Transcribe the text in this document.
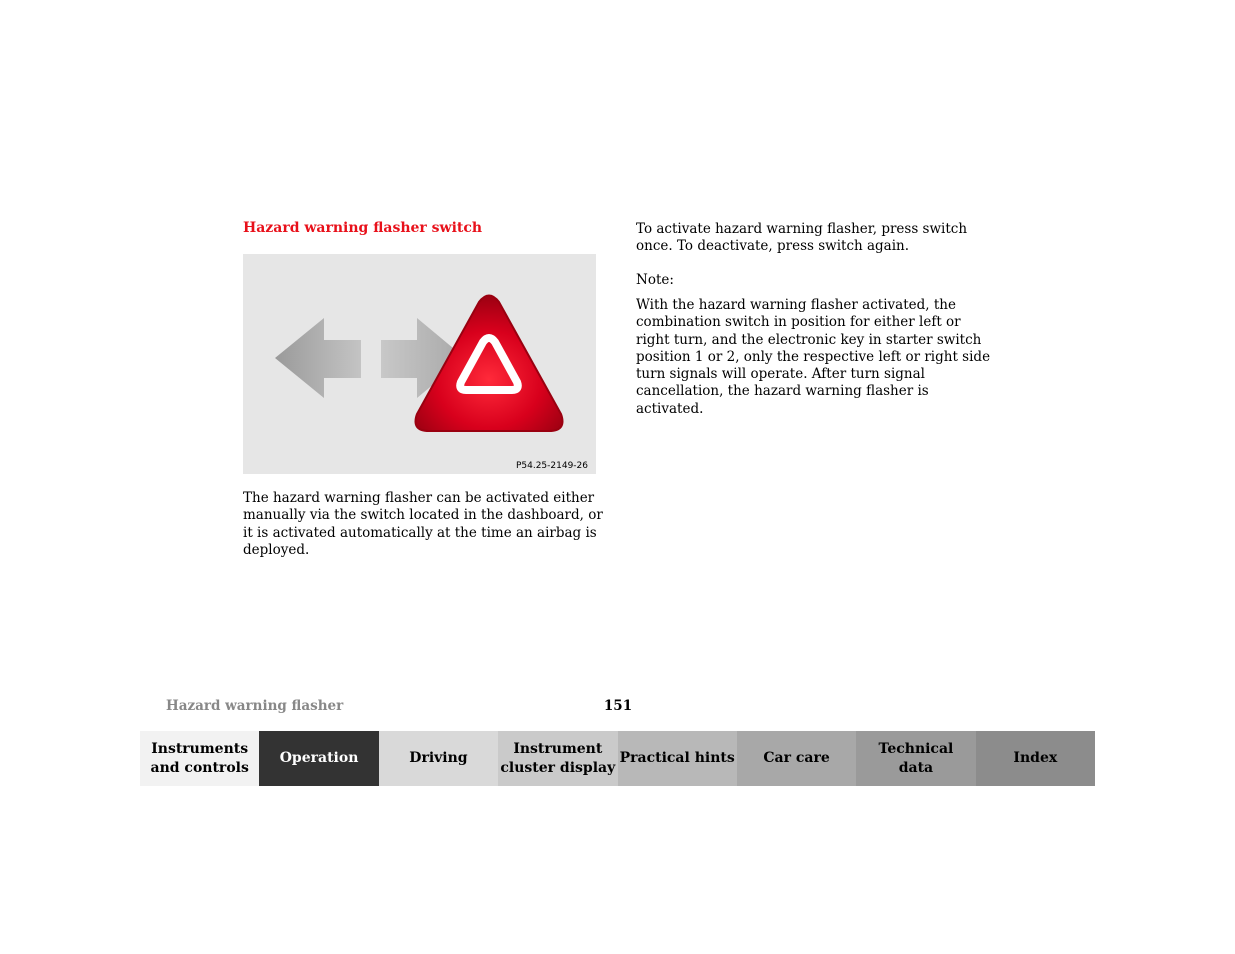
Hazard warning flasher switch
P54.25-2149-26

The hazard warning flasher can be activated either manually via the switch located in the dashboard, or it is activated automatically at the time an airbag is deployed.

To activate hazard warning flasher, press switch once. To deactivate, press switch again.

Note:

With the hazard warning flasher activated, the combination switch in position for either left or right turn, and the electronic key in starter switch position 1 or 2, only the respective left or right side turn signals will operate. After turn signal cancellation, the hazard warning flasher is activated.

Hazard warning flasher	151
Instruments
and controls
Operation	Driving
Instrument
cluster display
Practical hints	Car care
Technical
data
Index
